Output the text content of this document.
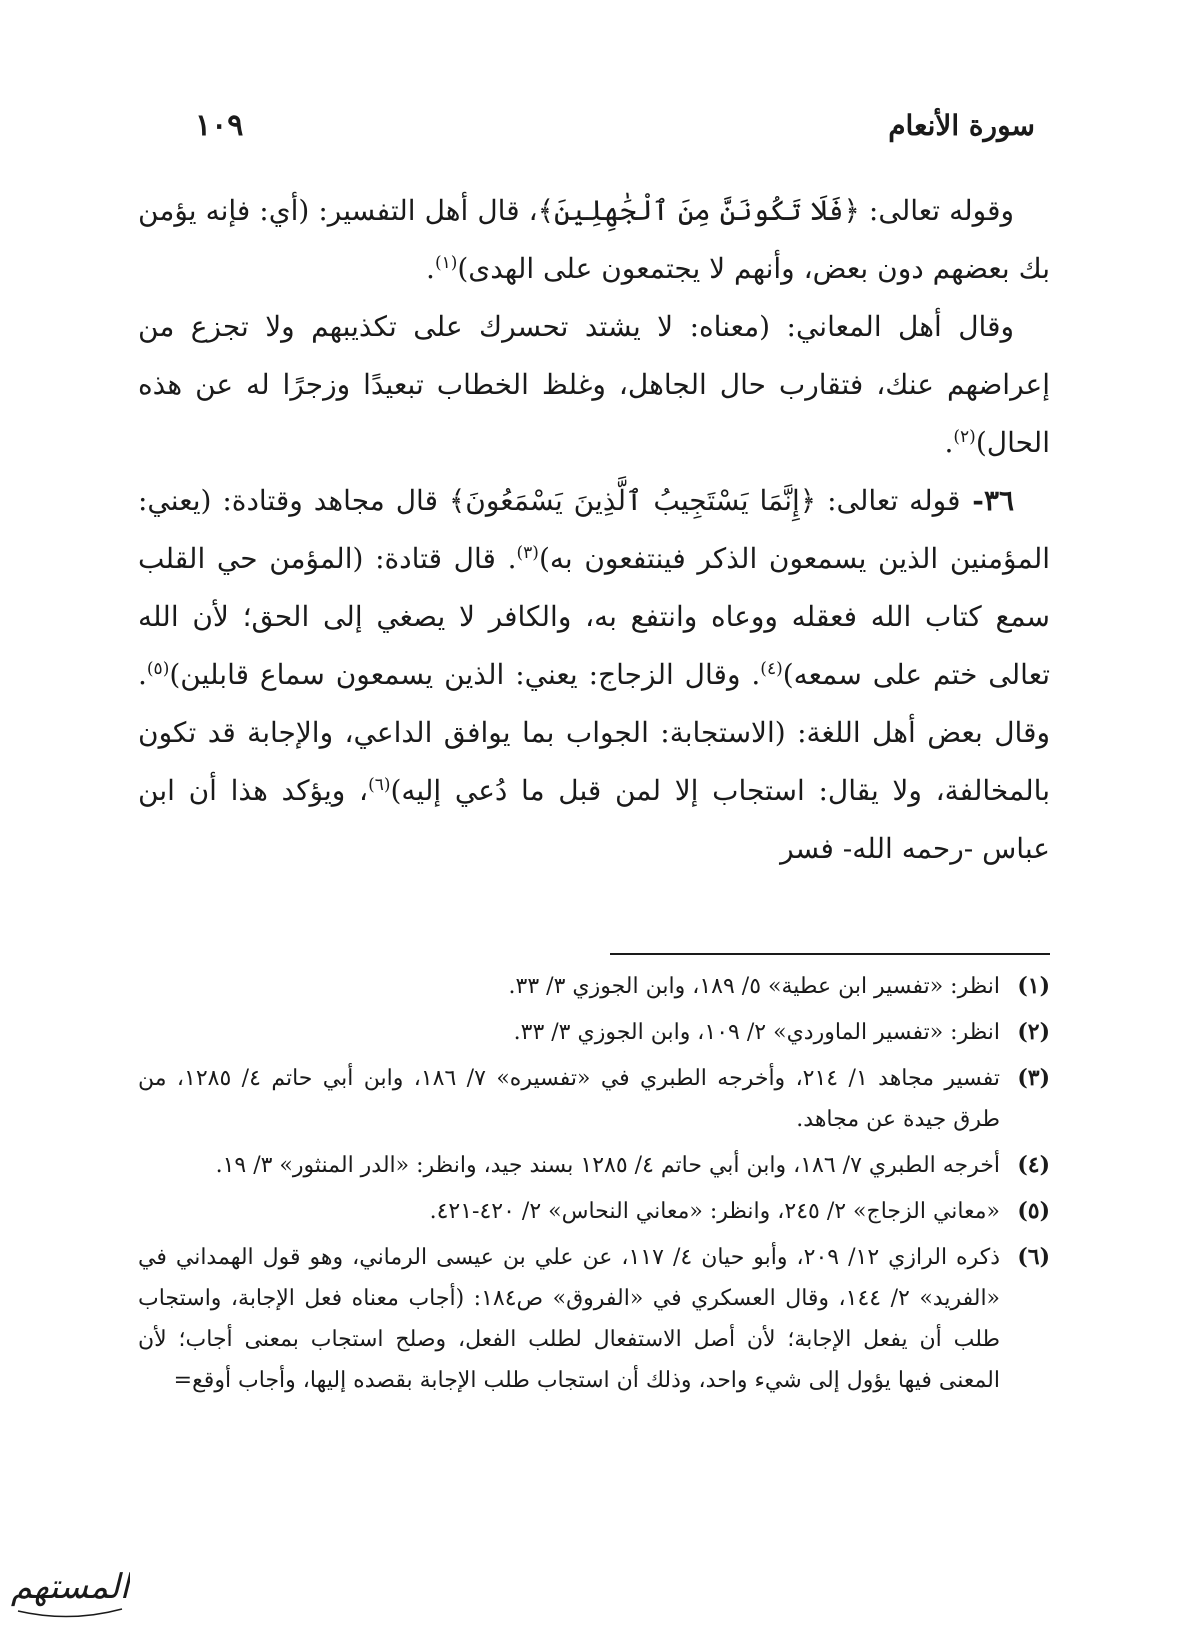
سورة الأنعام
١٠٩

وقوله تعالى: ﴿فَلَا تَكُونَنَّ مِنَ ٱلْجَٰهِلِينَ﴾، قال أهل التفسير: (أي: فإنه يؤمن بك بعضهم دون بعض، وأنهم لا يجتمعون على الهدى)$^{(١)}$.

وقال أهل المعاني: (معناه: لا يشتد تحسرك على تكذيبهم ولا تجزع من إعراضهم عنك، فتقارب حال الجاهل، وغلظ الخطاب تبعيدًا وزجرًا له عن هذه الحال)$^{(٢)}$.

٣٦- قوله تعالى: ﴿إِنَّمَا يَسْتَجِيبُ ٱلَّذِينَ يَسْمَعُونَ﴾ قال مجاهد وقتادة: (يعني: المؤمنين الذين يسمعون الذكر فينتفعون به)$^{(٣)}$. قال قتادة: (المؤمن حي القلب سمع كتاب الله فعقله ووعاه وانتفع به، والكافر لا يصغي إلى الحق؛ لأن الله تعالى ختم على سمعه)$^{(٤)}$. وقال الزجاج: يعني: الذين يسمعون سماع قابلين)$^{(٥)}$. وقال بعض أهل اللغة: (الاستجابة: الجواب بما يوافق الداعي، والإجابة قد تكون بالمخالفة، ولا يقال: استجاب إلا لمن قبل ما دُعي إليه)$^{(٦)}$، ويؤكد هذا أن ابن عباس -رحمه الله- فسر

(١)
انظر: «تفسير ابن عطية» ٥/ ١٨٩، وابن الجوزي ٣/ ٣٣.
(٢)
انظر: «تفسير الماوردي» ٢/ ١٠٩، وابن الجوزي ٣/ ٣٣.
(٣)
تفسير مجاهد ١/ ٢١٤، وأخرجه الطبري في «تفسيره» ٧/ ١٨٦، وابن أبي حاتم ٤/ ١٢٨٥، من طرق جيدة عن مجاهد.
(٤)
أخرجه الطبري ٧/ ١٨٦، وابن أبي حاتم ٤/ ١٢٨٥ بسند جيد، وانظر: «الدر المنثور» ٣/ ١٩.
(٥)
«معاني الزجاج» ٢/ ٢٤٥، وانظر: «معاني النحاس» ٢/ ٤٢٠-٤٢١.
(٦)
ذكره الرازي ١٢/ ٢٠٩، وأبو حيان ٤/ ١١٧، عن علي بن عيسى الرماني، وهو قول الهمداني في «الفريد» ٢/ ١٤٤، وقال العسكري في «الفروق» ص١٨٤: (أجاب معناه فعل الإجابة، واستجاب طلب أن يفعل الإجابة؛ لأن أصل الاستفعال لطلب الفعل، وصلح استجاب بمعنى أجاب؛ لأن المعنى فيها يؤول إلى شيء واحد، وذلك أن استجاب طلب الإجابة بقصده إليها، وأجاب أوقع=
المستهم
